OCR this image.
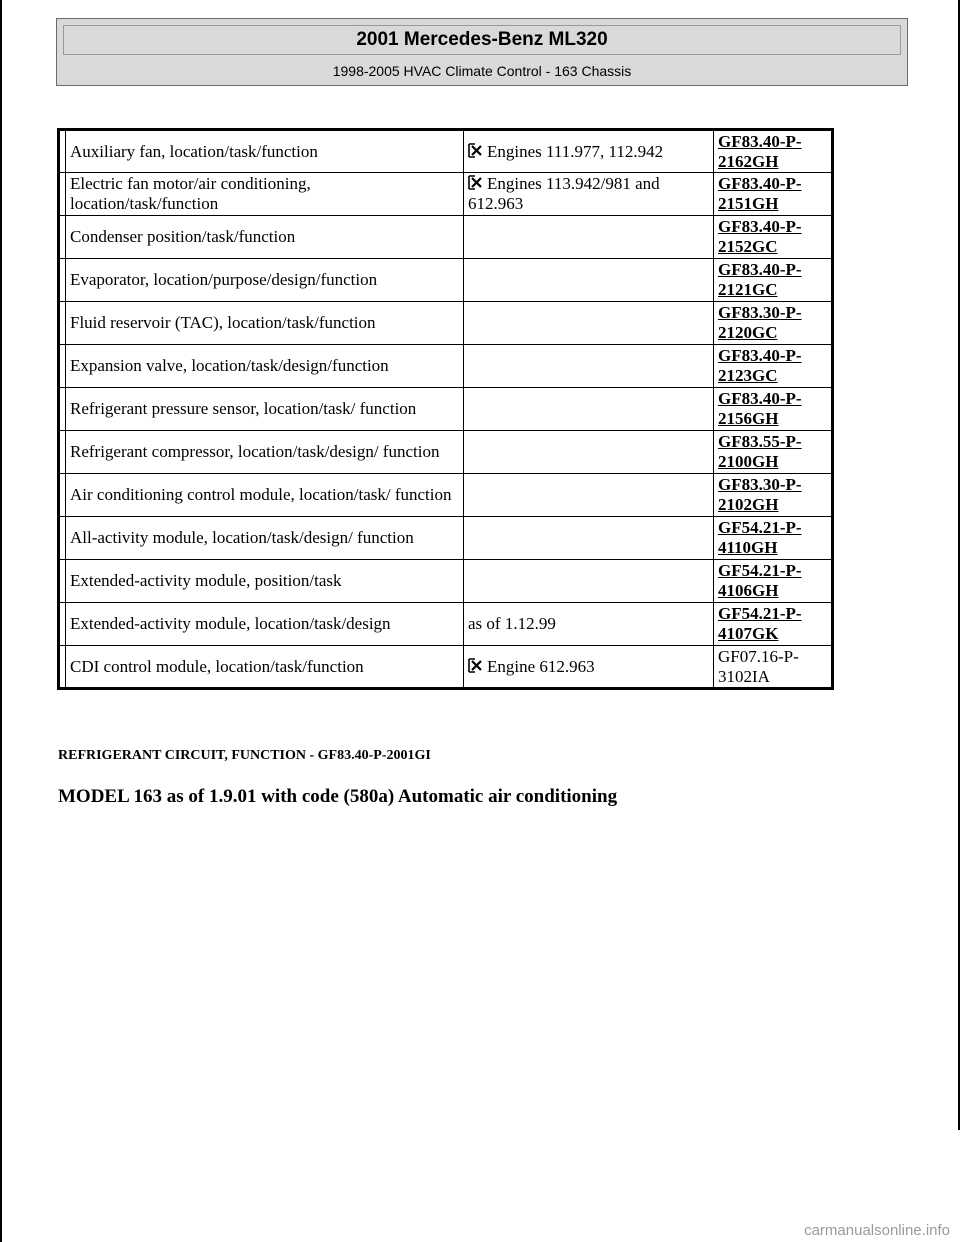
2001 Mercedes-Benz ML320
1998-2005 HVAC Climate Control - 163 Chassis
	Auxiliary fan, location/task/function	Engines 111.977, 112.942	GF83.40-P-
2162GH
	Electric fan motor/air conditioning, location/task/function	Engines 113.942/981 and 612.963	GF83.40-P-
2151GH
	Condenser position/task/function		GF83.40-P-
2152GC
	Evaporator, location/purpose/design/function		GF83.40-P-
2121GC
	Fluid reservoir (TAC), location/task/function		GF83.30-P-
2120GC
	Expansion valve, location/task/design/function		GF83.40-P-
2123GC
	Refrigerant pressure sensor, location/task/ function		GF83.40-P-
2156GH
	Refrigerant compressor, location/task/design/ function		GF83.55-P-
2100GH
	Air conditioning control module, location/task/ function		GF83.30-P-
2102GH
	All-activity module, location/task/design/ function		GF54.21-P-
4110GH
	Extended-activity module, position/task		GF54.21-P-
4106GH
	Extended-activity module, location/task/design	as of 1.12.99	GF54.21-P-
4107GK
	CDI control module, location/task/function	Engine 612.963	GF07.16-P-
3102IA
REFRIGERANT CIRCUIT, FUNCTION - GF83.40-P-2001GI
MODEL 163 as of 1.9.01 with code (580a) Automatic air conditioning
carmanualsonline.info
